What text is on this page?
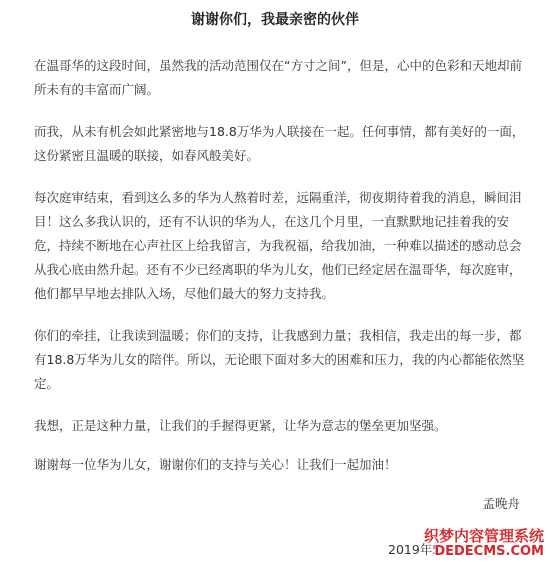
谢谢你们，我最亲密的伙伴

在温哥华的这段时间，虽然我的活动范围仅在“方寸之间”，但是，心中的色彩和天地却前所未有的丰富而广阔。

而我，从未有机会如此紧密地与18.8万华为人联接在一起。任何事情，都有美好的一面，这份紧密且温暖的联接，如春风般美好。

每次庭审结束，看到这么多的华为人熬着时差，远隔重洋，彻夜期待着我的消息，瞬间泪目！这么多我认识的，还有不认识的华为人，在这几个月里，一直默默地记挂着我的安危，持续不断地在心声社区上给我留言，为我祝福，给我加油，一种难以描述的感动总会从我心底由然升起。还有不少已经离职的华为儿女，他们已经定居在温哥华，每次庭审，他们都早早地去排队入场，尽他们最大的努力支持我。

你们的牵挂，让我读到温暖；你们的支持，让我感到力量；我相信，我走出的每一步，都有18.8万华为儿女的陪伴。所以，无论眼下面对多大的困难和压力，我的内心都能依然坚定。

我想，正是这种力量，让我们的手握得更紧，让华为意志的堡垒更加坚强。

谢谢每一位华为儿女，谢谢你们的支持与关心！让我们一起加油！

孟晚舟
2019年5
织梦内容管理系统
DEDECMS.COM
